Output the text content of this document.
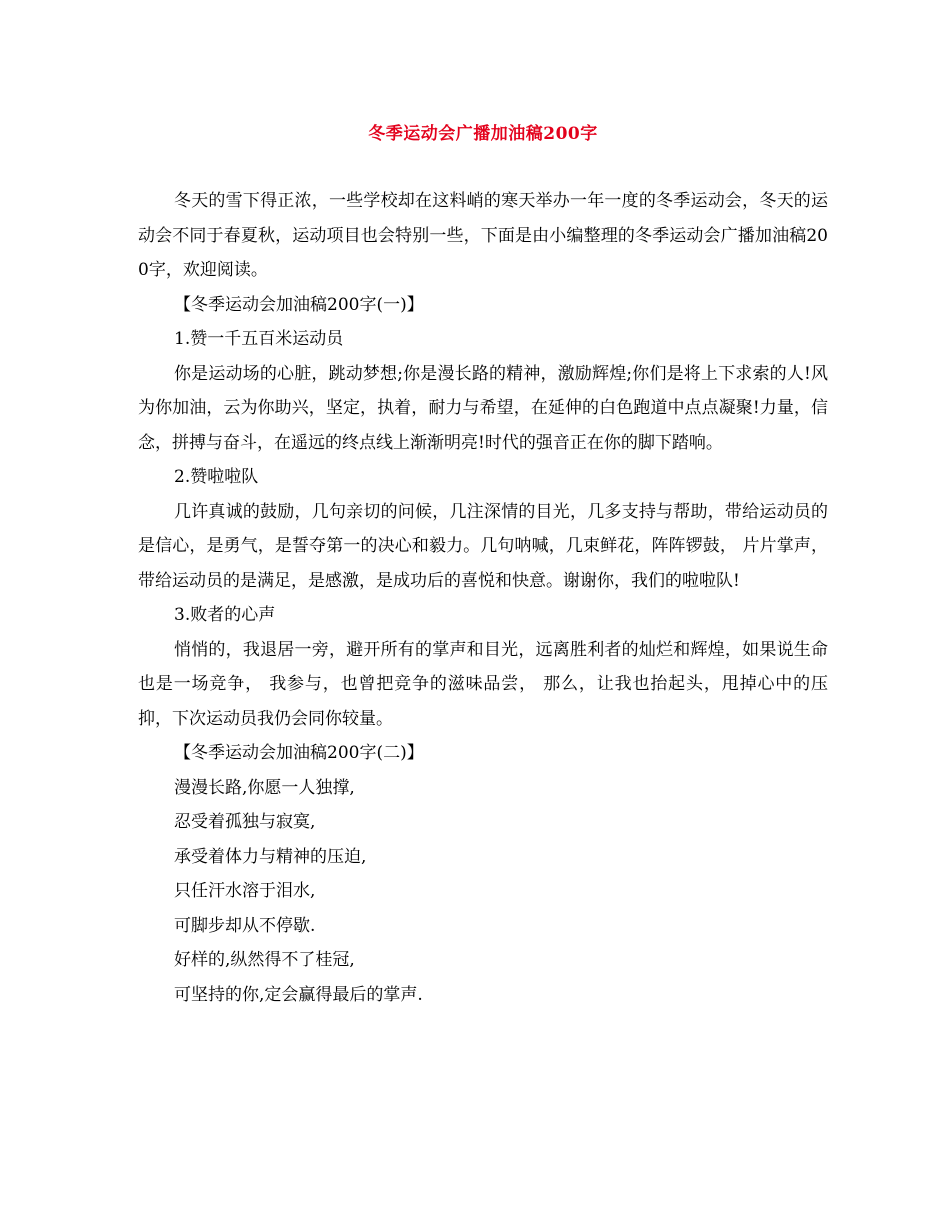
冬季运动会广播加油稿200字

冬天的雪下得正浓，一些学校却在这料峭的寒天举办一年一度的冬季运动会，冬天的运动会不同于春夏秋，运动项目也会特别一些，下面是由小编整理的冬季运动会广播加油稿200字，欢迎阅读。

【冬季运动会加油稿200字(一)】

1.赞一千五百米运动员

你是运动场的心脏，跳动梦想;你是漫长路的精神，激励辉煌;你们是将上下求索的人!风为你加油，云为你助兴，坚定，执着，耐力与希望，在延伸的白色跑道中点点凝聚!力量，信念，拼搏与奋斗，在遥远的终点线上渐渐明亮!时代的强音正在你的脚下踏响。

2.赞啦啦队

几许真诚的鼓励，几句亲切的问候，几注深情的目光，几多支持与帮助，带给运动员的是信心，是勇气，是誓夺第一的决心和毅力。几句呐喊，几束鲜花，阵阵锣鼓， 片片掌声，带给运动员的是满足，是感激，是成功后的喜悦和快意。谢谢你，我们的啦啦队!

3.败者的心声

悄悄的，我退居一旁，避开所有的掌声和目光，远离胜利者的灿烂和辉煌，如果说生命也是一场竞争， 我参与，也曾把竞争的滋味品尝， 那么，让我也抬起头，甩掉心中的压抑，下次运动员我仍会同你较量。

【冬季运动会加油稿200字(二)】

漫漫长路,你愿一人独撑,

忍受着孤独与寂寞,

承受着体力与精神的压迫,

只任汗水溶于泪水,

可脚步却从不停歇.

好样的,纵然得不了桂冠,

可坚持的你,定会赢得最后的掌声.
